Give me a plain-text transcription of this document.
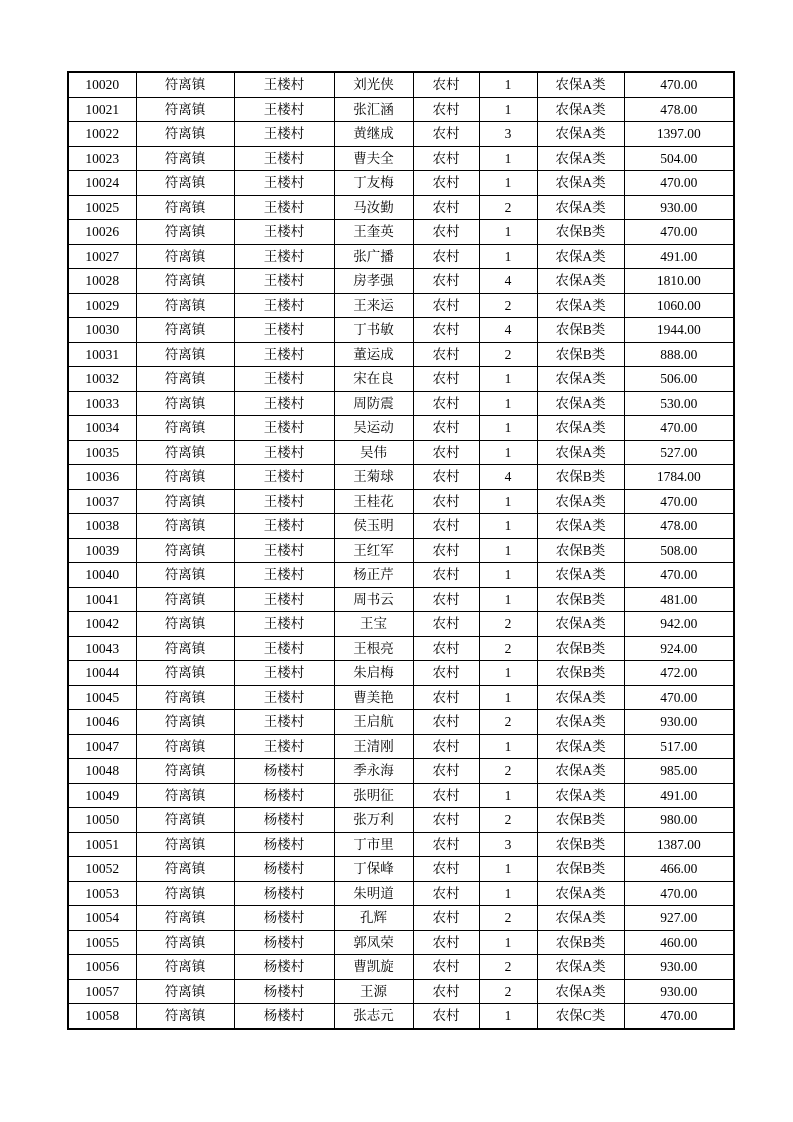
10020	符离镇	王楼村	刘光侠	农村	1	农保A类	470.00
10021	符离镇	王楼村	张汇涵	农村	1	农保A类	478.00
10022	符离镇	王楼村	黄继成	农村	3	农保A类	1397.00
10023	符离镇	王楼村	曹夫全	农村	1	农保A类	504.00
10024	符离镇	王楼村	丁友梅	农村	1	农保A类	470.00
10025	符离镇	王楼村	马汝勤	农村	2	农保A类	930.00
10026	符离镇	王楼村	王奎英	农村	1	农保B类	470.00
10027	符离镇	王楼村	张广播	农村	1	农保A类	491.00
10028	符离镇	王楼村	房孝强	农村	4	农保A类	1810.00
10029	符离镇	王楼村	王来运	农村	2	农保A类	1060.00
10030	符离镇	王楼村	丁书敏	农村	4	农保B类	1944.00
10031	符离镇	王楼村	董运成	农村	2	农保B类	888.00
10032	符离镇	王楼村	宋在良	农村	1	农保A类	506.00
10033	符离镇	王楼村	周防震	农村	1	农保A类	530.00
10034	符离镇	王楼村	吴运动	农村	1	农保A类	470.00
10035	符离镇	王楼村	吴伟	农村	1	农保A类	527.00
10036	符离镇	王楼村	王菊球	农村	4	农保B类	1784.00
10037	符离镇	王楼村	王桂花	农村	1	农保A类	470.00
10038	符离镇	王楼村	侯玉明	农村	1	农保A类	478.00
10039	符离镇	王楼村	王红军	农村	1	农保B类	508.00
10040	符离镇	王楼村	杨正芹	农村	1	农保A类	470.00
10041	符离镇	王楼村	周书云	农村	1	农保B类	481.00
10042	符离镇	王楼村	王宝	农村	2	农保A类	942.00
10043	符离镇	王楼村	王根亮	农村	2	农保B类	924.00
10044	符离镇	王楼村	朱启梅	农村	1	农保B类	472.00
10045	符离镇	王楼村	曹美艳	农村	1	农保A类	470.00
10046	符离镇	王楼村	王启航	农村	2	农保A类	930.00
10047	符离镇	王楼村	王清刚	农村	1	农保A类	517.00
10048	符离镇	杨楼村	季永海	农村	2	农保A类	985.00
10049	符离镇	杨楼村	张明征	农村	1	农保A类	491.00
10050	符离镇	杨楼村	张万利	农村	2	农保B类	980.00
10051	符离镇	杨楼村	丁市里	农村	3	农保B类	1387.00
10052	符离镇	杨楼村	丁保峰	农村	1	农保B类	466.00
10053	符离镇	杨楼村	朱明道	农村	1	农保A类	470.00
10054	符离镇	杨楼村	孔辉	农村	2	农保A类	927.00
10055	符离镇	杨楼村	郭凤荣	农村	1	农保B类	460.00
10056	符离镇	杨楼村	曹凯旋	农村	2	农保A类	930.00
10057	符离镇	杨楼村	王源	农村	2	农保A类	930.00
10058	符离镇	杨楼村	张志元	农村	1	农保C类	470.00
